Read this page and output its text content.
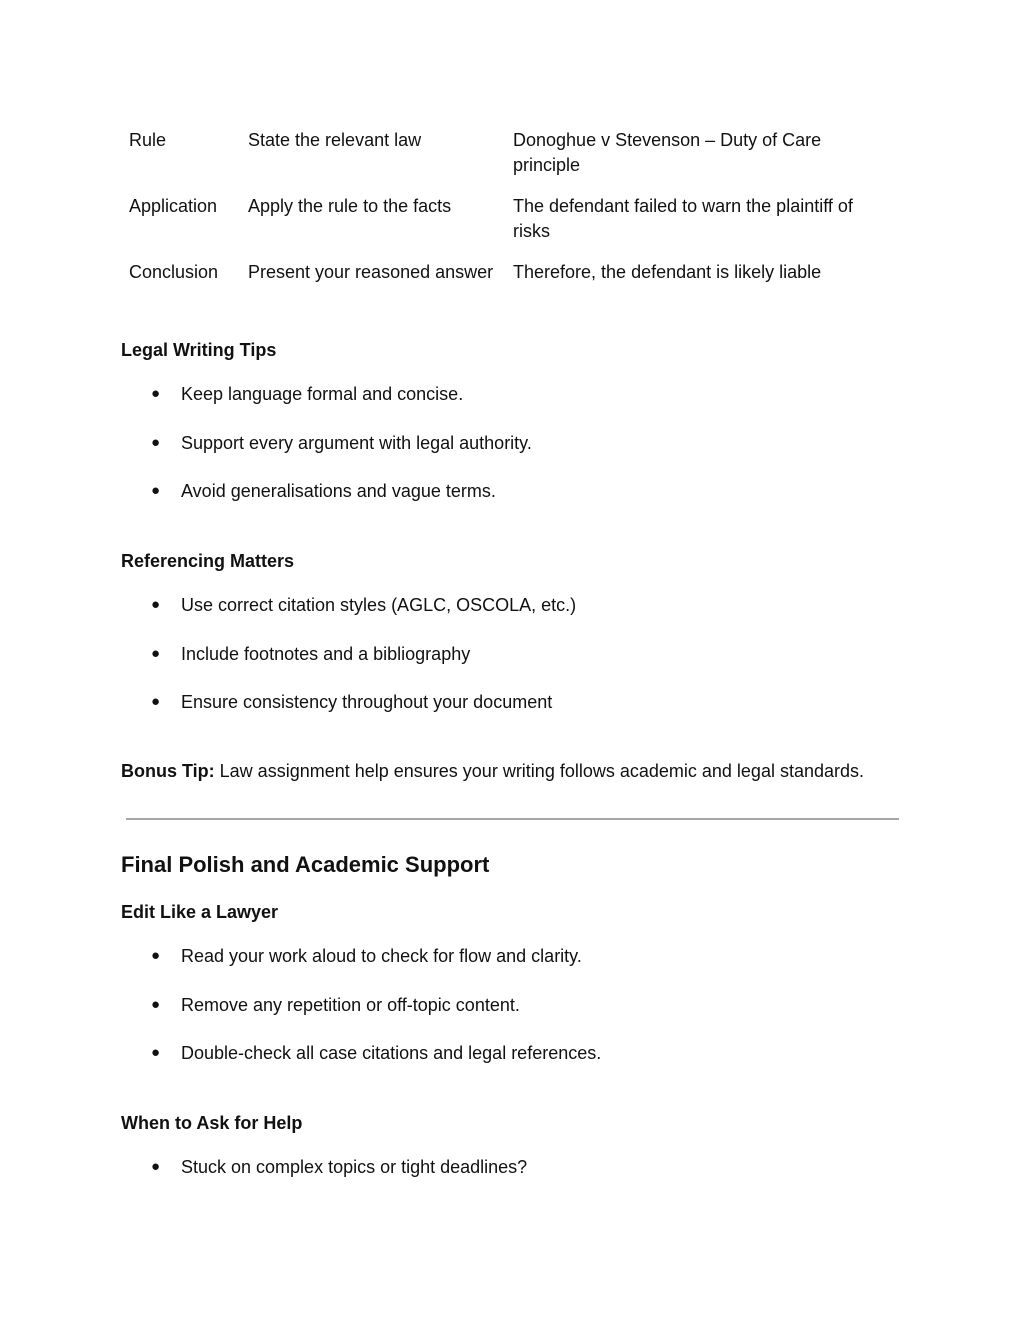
Rule	State the relevant law	Donoghue v Stevenson – Duty of Care principle
Application	Apply the rule to the facts	The defendant failed to warn the plaintiff of risks
Conclusion	Present your reasoned answer	Therefore, the defendant is likely liable
Legal Writing Tips
●	Keep language formal and concise.
●	Support every argument with legal authority.
●	Avoid generalisations and vague terms.
Referencing Matters
●	Use correct citation styles (AGLC, OSCOLA, etc.)
●	Include footnotes and a bibliography
●	Ensure consistency throughout your document
Bonus Tip: Law assignment help ensures your writing follows academic and legal standards.
Final Polish and Academic Support
Edit Like a Lawyer
●	Read your work aloud to check for flow and clarity.
●	Remove any repetition or off-topic content.
●	Double-check all case citations and legal references.
When to Ask for Help
●	Stuck on complex topics or tight deadlines?
